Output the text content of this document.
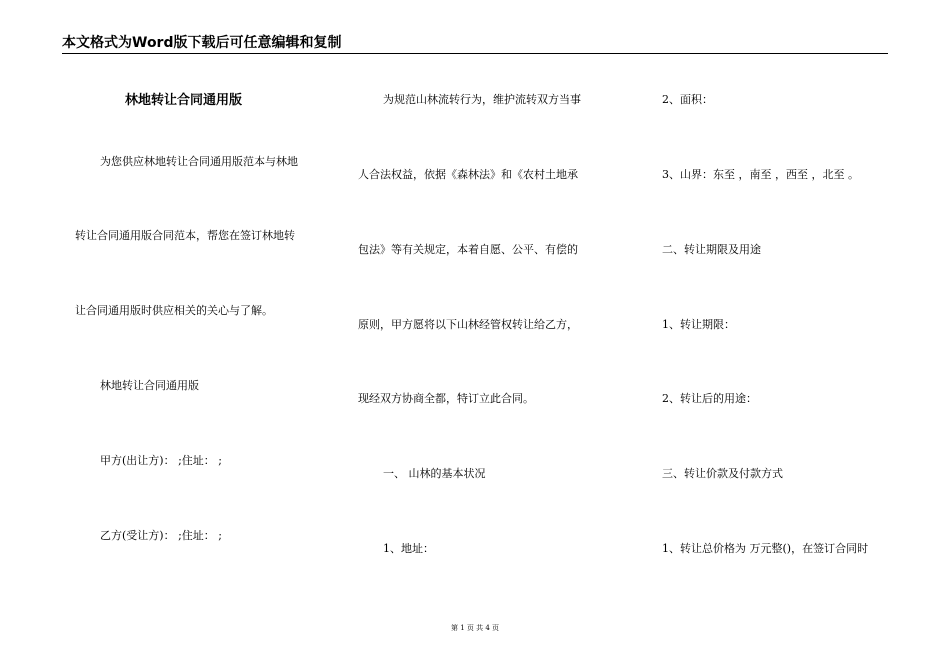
本文格式为Word版下载后可任意编辑和复制
林地转让合同通用版
为您供应林地转让合同通用版范本与林地
转让合同通用版合同范本，帮您在签订林地转
让合同通用版时供应相关的关心与了解。
林地转让合同通用版
甲方(出让方)： ;住址： ;
乙方(受让方)： ;住址： ;
为规范山林流转行为，维护流转双方当事
人合法权益，依据《森林法》和《农村土地承
包法》等有关规定，本着自愿、公平、有偿的
原则，甲方愿将以下山林经管权转让给乙方，
现经双方协商全都，特订立此合同。
一、 山林的基本状况
1、地址：
2、面积：
3、山界：东至 ，南至 ，西至 ，北至 。
二、转让期限及用途
1、转让期限：
2、转让后的用途：
三、转让价款及付款方式
1、转让总价格为 万元整()，在签订合同时
第 1 页 共 4 页
